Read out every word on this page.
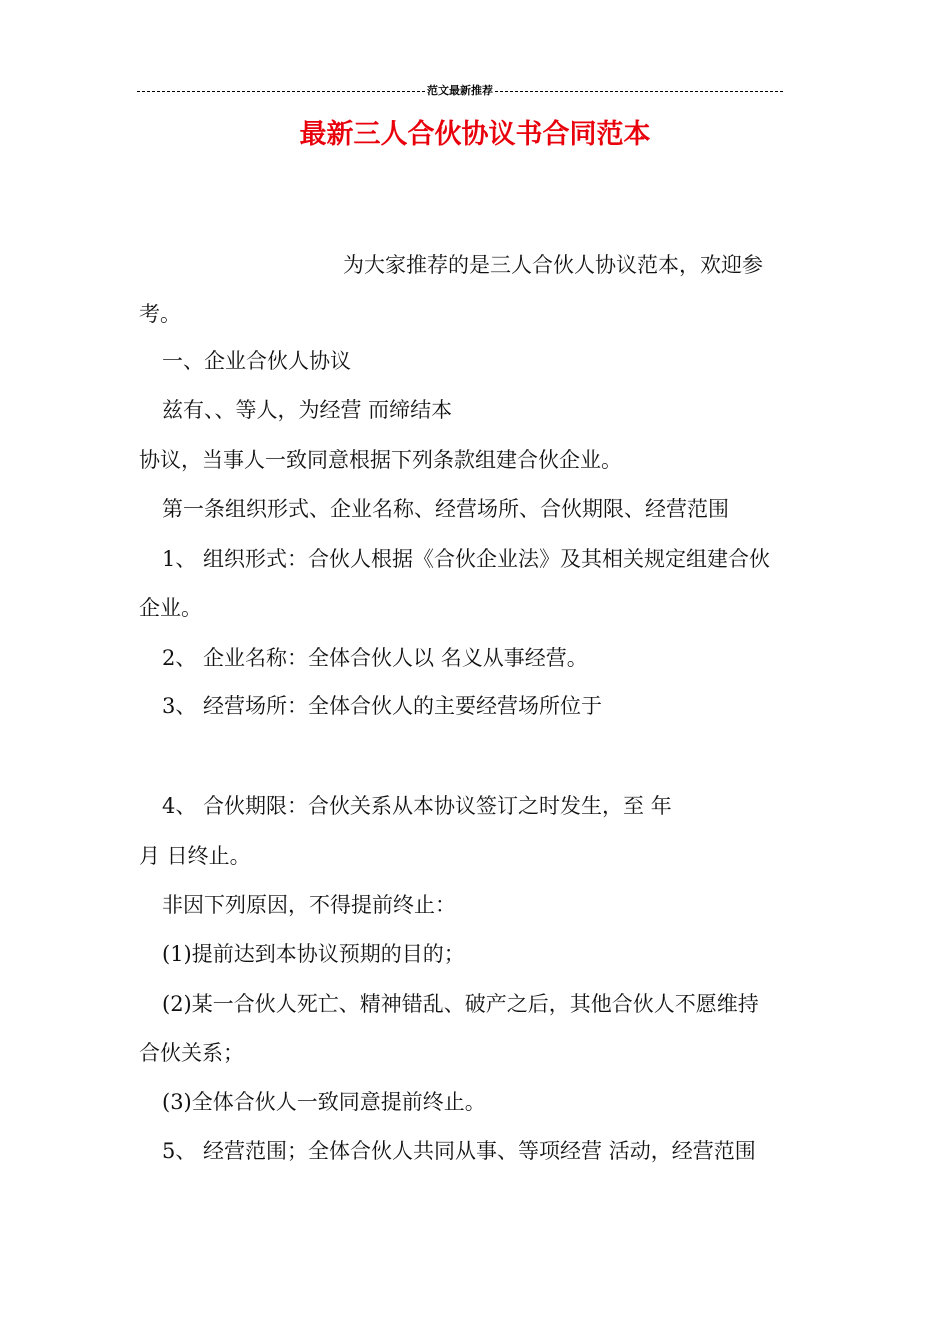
范文最新推荐
最新三人合伙协议书合同范本
为大家推荐的是三人合伙人协议范本，欢迎参
考。
一、企业合伙人协议
兹有、、等人，为经营 而缔结本
协议，当事人一致同意根据下列条款组建合伙企业。
第一条组织形式、企业名称、经营场所、合伙期限、经营范围
1、 组织形式：合伙人根据《合伙企业法》及其相关规定组建合伙
企业。
2、 企业名称：全体合伙人以 名义从事经营。
3、 经营场所：全体合伙人的主要经营场所位于
4、 合伙期限：合伙关系从本协议签订之时发生，至 年
月 日终止。
非因下列原因，不得提前终止：
(1)提前达到本协议预期的目的；
(2)某一合伙人死亡、精神错乱、破产之后，其他合伙人不愿维持
合伙关系；
(3)全体合伙人一致同意提前终止。
5、 经营范围；全体合伙人共同从事、等项经营 活动，经营范围
